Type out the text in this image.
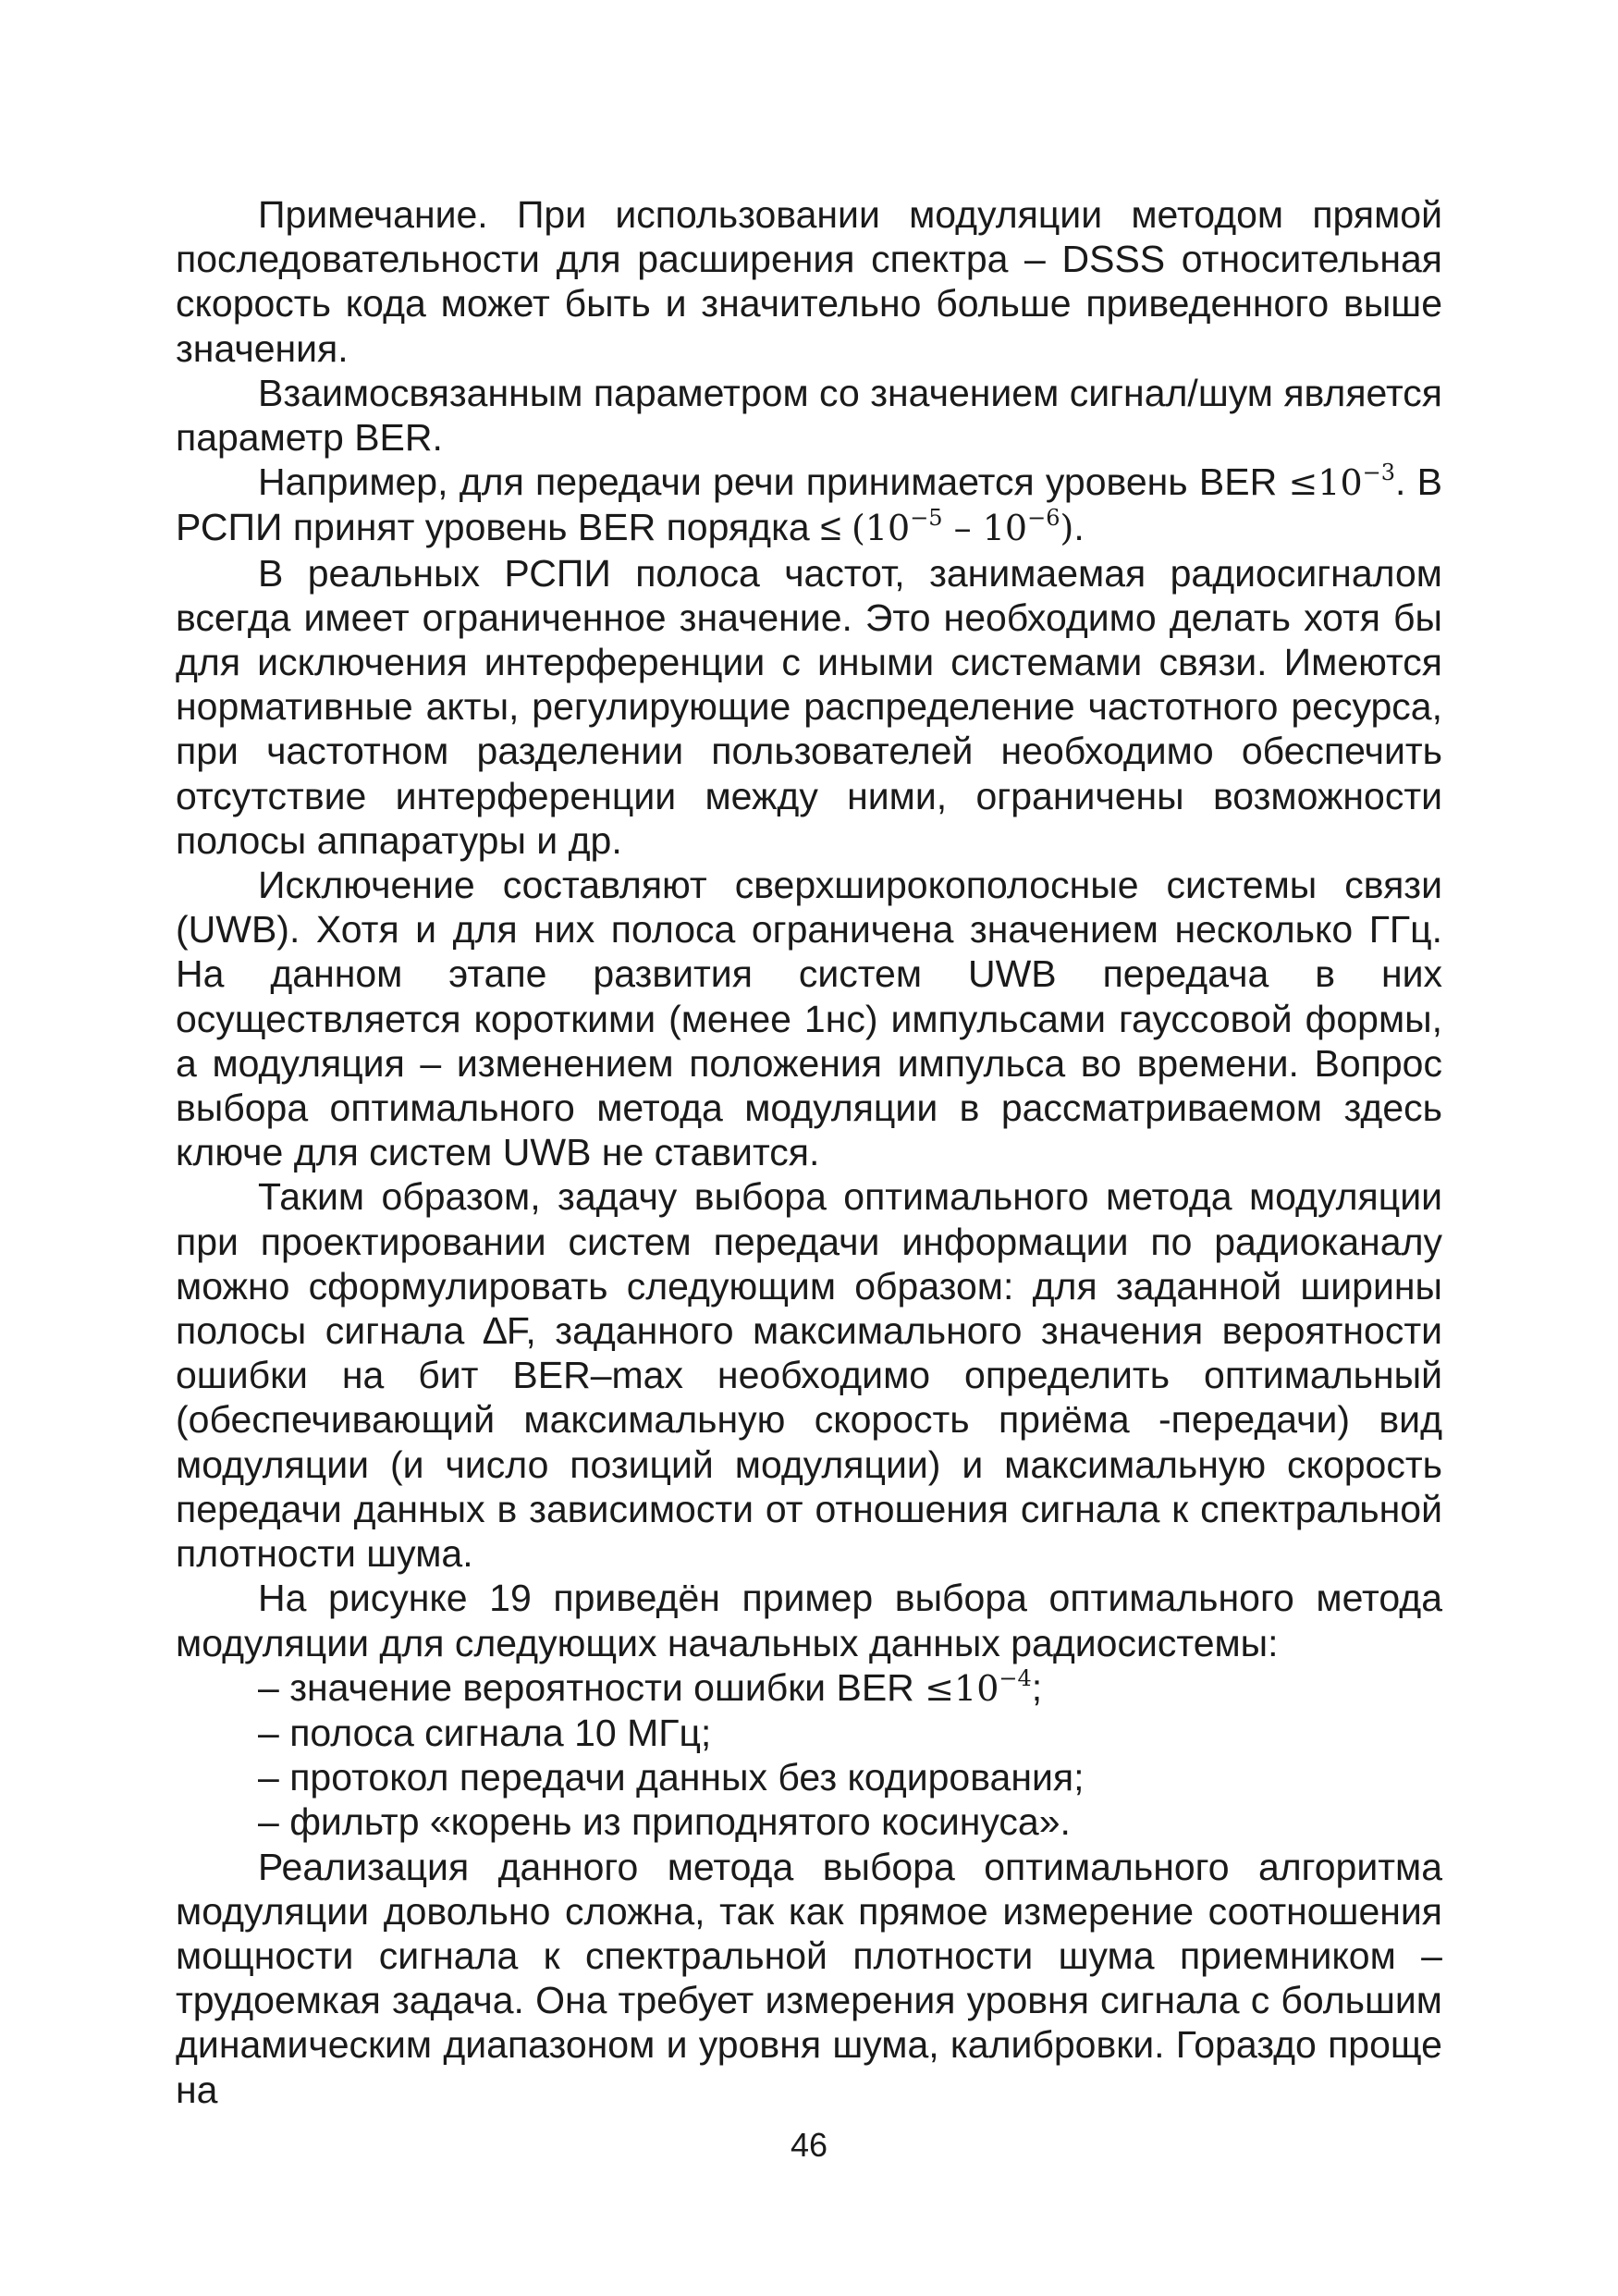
Примечание. При использовании модуляции методом прямой последовательности для расширения спектра – DSSS относительная скорость кода может быть и значительно больше приведенного выше значения.

Взаимосвязанным параметром со значением сигнал/шум является параметр BER.

Например, для передачи речи принимается уровень BER $\le 10^{-3}$. В РСПИ принят уровень BER порядка ≤ $(10^{-5} - 10^{-6})$.

В реальных РСПИ полоса частот, занимаемая радиосигналом всегда имеет ограниченное значение. Это необходимо делать хотя бы для исключения интерференции с иными системами связи. Имеются нормативные акты, регулирующие распределение частотного ресурса, при частотном разделении пользователей необходимо обеспечить отсутствие интерференции между ними, ограничены возможности полосы аппаратуры и др.

Исключение составляют сверхширокополосные системы связи (UWB). Хотя и для них полоса ограничена значением несколько ГГц. На данном этапе развития систем UWB передача в них осуществляется короткими (менее 1нс) импульсами гауссовой формы, а модуляция – изменением положения импульса во времени. Вопрос выбора оптимального метода модуляции в рассматриваемом здесь ключе для систем UWB не ставится.

Таким образом, задачу выбора оптимального метода модуляции при проектировании систем передачи информации по радиоканалу можно сформулировать следующим образом: для заданной ширины полосы сигнала ∆F, заданного максимального значения вероятности ошибки на бит BER–max необходимо определить оптимальный (обеспечивающий максимальную скорость приёма -передачи) вид модуляции (и число позиций модуляции) и максимальную скорость передачи данных в зависимости от отношения сигнала к спектральной плотности шума.

На рисунке 19 приведён пример выбора оптимального метода модуляции для следующих начальных данных радиосистемы:

– значение вероятности ошибки BER $\le 10^{-4}$;

– полоса сигнала 10 МГц;

– протокол передачи данных без кодирования;

– фильтр «корень из приподнятого косинуса».

Реализация данного метода выбора оптимального алгоритма модуляции довольно сложна, так как прямое измерение соотношения мощности сигнала к спектральной плотности шума приемником – трудоемкая задача. Она требует измерения уровня сигнала с большим динамическим диапазоном и уровня шума, калибровки. Гораздо проще на

46
